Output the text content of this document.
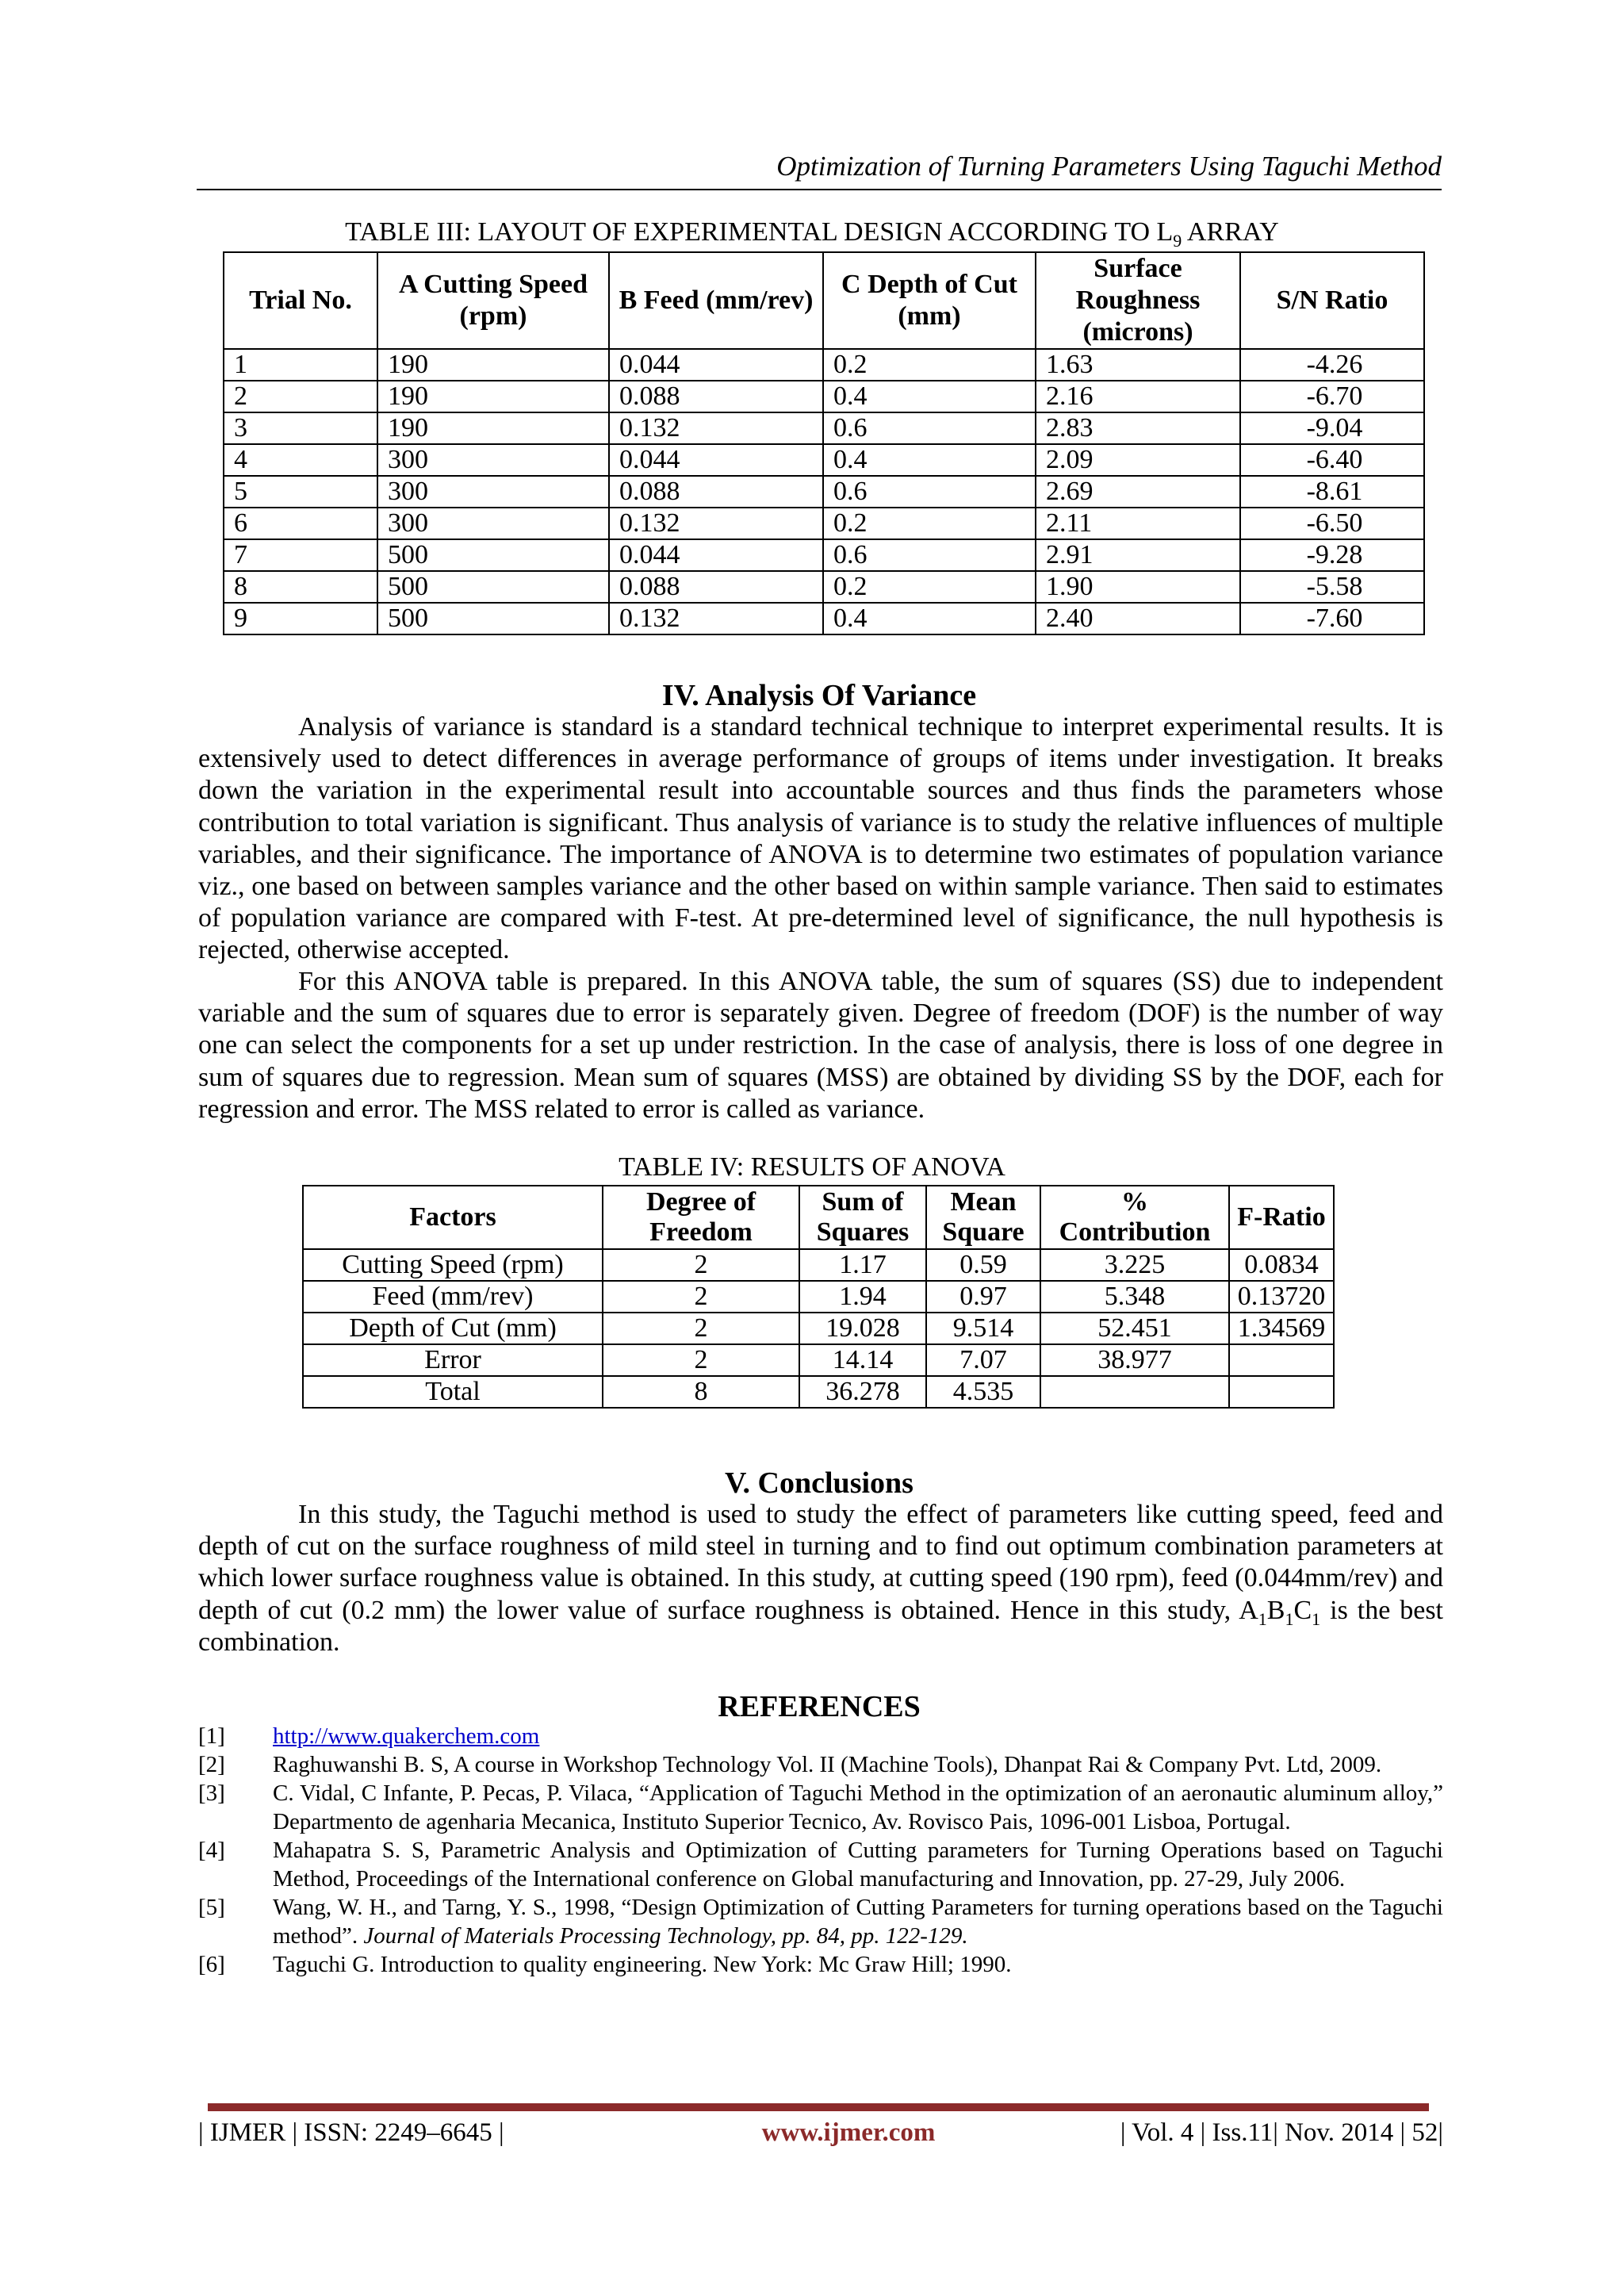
Optimization of Turning Parameters Using Taguchi Method
TABLE III: LAYOUT OF EXPERIMENTAL DESIGN ACCORDING TO $L_9$ ARRAY
Trial No.	A Cutting Speed (rpm)	B Feed (mm/rev)	C Depth of Cut (mm)	Surface Roughness (microns)	S/N Ratio
1	190	0.044	0.2	1.63	-4.26
2	190	0.088	0.4	2.16	-6.70
3	190	0.132	0.6	2.83	-9.04
4	300	0.044	0.4	2.09	-6.40
5	300	0.088	0.6	2.69	-8.61
6	300	0.132	0.2	2.11	-6.50
7	500	0.044	0.6	2.91	-9.28
8	500	0.088	0.2	1.90	-5.58
9	500	0.132	0.4	2.40	-7.60
IV. Analysis Of Variance

Analysis of variance is standard is a standard technical technique to interpret experimental results. It is extensively used to detect differences in average performance of groups of items under investigation. It breaks down the variation in the experimental result into accountable sources and thus finds the parameters whose contribution to total variation is significant. Thus analysis of variance is to study the relative influences of multiple variables, and their significance. The importance of ANOVA is to determine two estimates of population variance viz., one based on between samples variance and the other based on within sample variance. Then said to estimates of population variance are compared with F-test. At pre-determined level of significance, the null hypothesis is rejected, otherwise accepted.

For this ANOVA table is prepared. In this ANOVA table, the sum of squares (SS) due to independent variable and the sum of squares due to error is separately given. Degree of freedom (DOF) is the number of way one can select the components for a set up under restriction. In the case of analysis, there is loss of one degree in sum of squares due to regression. Mean sum of squares (MSS) are obtained by dividing SS by the DOF, each for regression and error. The MSS related to error is called as variance.

TABLE IV: RESULTS OF ANOVA
Factors	Degree of Freedom	Sum of Squares	Mean Square	% Contribution	F-Ratio
Cutting Speed (rpm)	2	1.17	0.59	3.225	0.0834
Feed (mm/rev)	2	1.94	0.97	5.348	0.13720
Depth of Cut (mm)	2	19.028	9.514	52.451	1.34569
Error	2	14.14	7.07	38.977	
Total	8	36.278	4.535		
V. Conclusions

In this study, the Taguchi method is used to study the effect of parameters like cutting speed, feed and depth of cut on the surface roughness of mild steel in turning and to find out optimum combination parameters at which lower surface roughness value is obtained. In this study, at cutting speed (190 rpm), feed (0.044mm/rev) and depth of cut (0.2 mm) the lower value of surface roughness is obtained. Hence in this study, $A_1B_1C_1$ is the best combination.

REFERENCES
[1]	http://www.quakerchem.com
[2]	Raghuwanshi B. S, A course in Workshop Technology Vol. II (Machine Tools), Dhanpat Rai & Company Pvt. Ltd, 2009.
[3]	C. Vidal, C Infante, P. Pecas, P. Vilaca, “Application of Taguchi Method in the optimization of an aeronautic aluminum alloy,” Departmento de agenharia Mecanica, Instituto Superior Tecnico, Av. Rovisco Pais, 1096-001 Lisboa, Portugal.
[4]	Mahapatra S. S, Parametric Analysis and Optimization of Cutting parameters for Turning Operations based on Taguchi Method, Proceedings of the International conference on Global manufacturing and Innovation, pp. 27-29, July 2006.
[5]	Wang, W. H., and Tarng, Y. S., 1998, “Design Optimization of Cutting Parameters for turning operations based on the Taguchi method”. Journal of Materials Processing Technology, pp. 84, pp. 122-129.
[6]	Taguchi G. Introduction to quality engineering. New York: Mc Graw Hill; 1990.
| IJMER | ISSN: 2249–6645 |	www.ijmer.com	| Vol. 4 | Iss.11| Nov. 2014 | 52|
